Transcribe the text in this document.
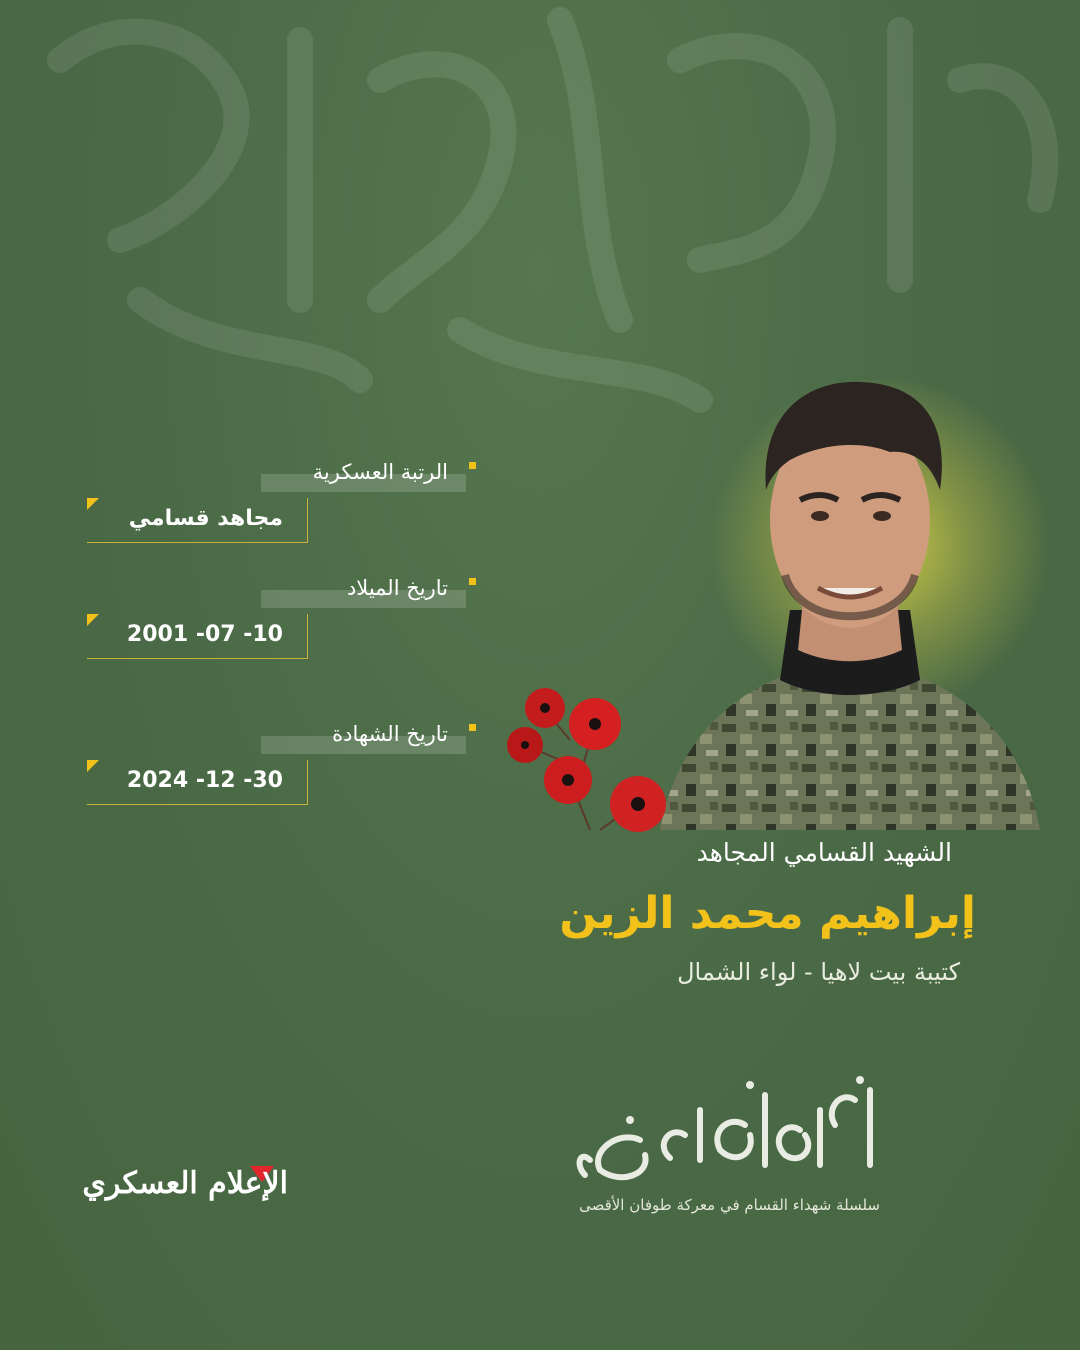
الرتبة العسكرية
مجاهد قسامي
تاريخ الميلاد
10- 07- 2001
تاريخ الشهادة
30- 12- 2024
الشهيد القسامي المجاهد
إبراهيم محمد الزين
كتيبة بيت لاهيا - لواء الشمال
سلسلة شهداء القسام في معركة طوفان الأقصى
الإعلام العسكري
